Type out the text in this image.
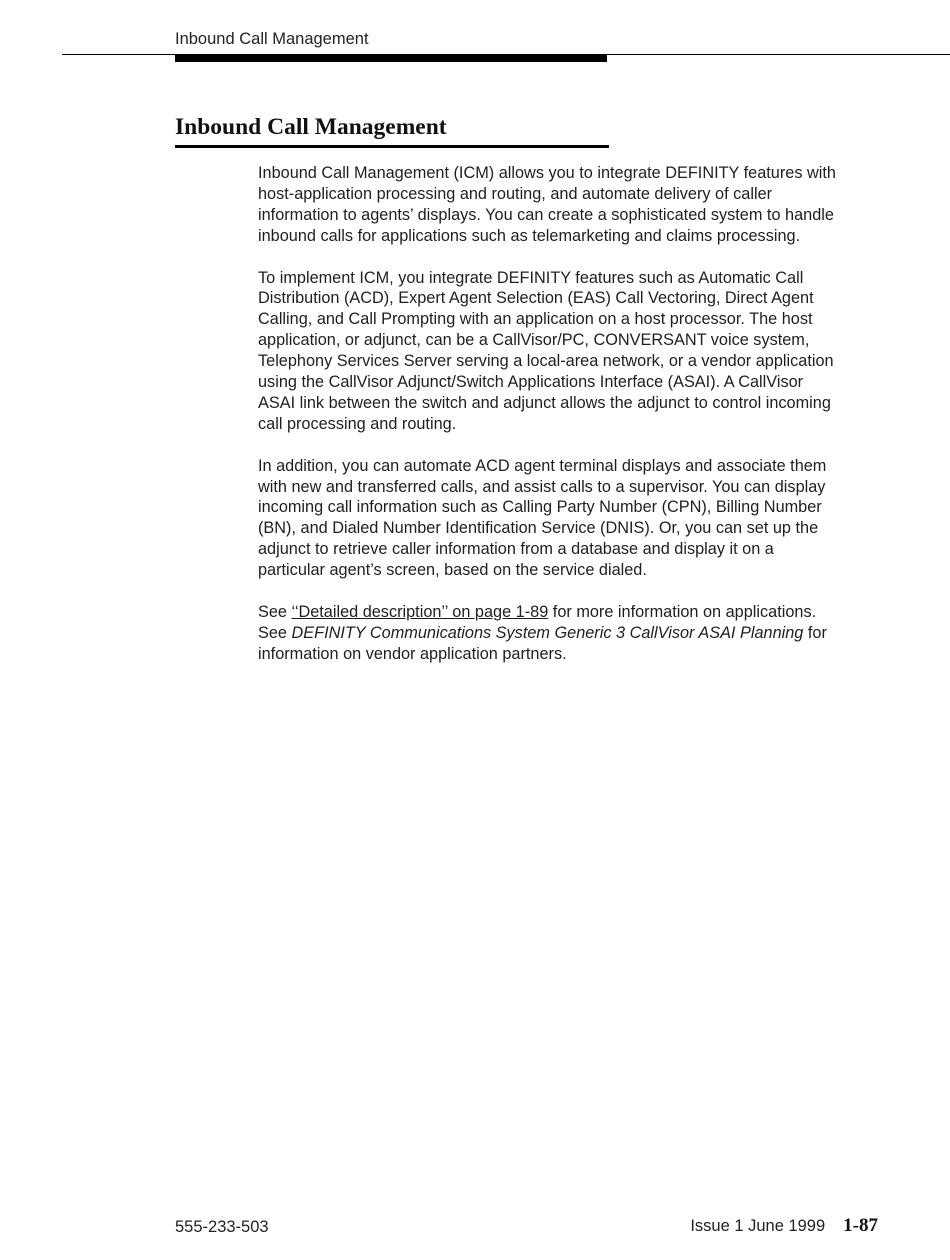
Inbound Call Management
Inbound Call Management

Inbound Call Management (ICM) allows you to integrate DEFINITY features with
host-application processing and routing, and automate delivery of caller
information to agents’ displays. You can create a sophisticated system to handle
inbound calls for applications such as telemarketing and claims processing.

To implement ICM, you integrate DEFINITY features such as Automatic Call
Distribution (ACD), Expert Agent Selection (EAS) Call Vectoring, Direct Agent
Calling, and Call Prompting with an application on a host processor. The host
application, or adjunct, can be a CallVisor/PC, CONVERSANT voice system,
Telephony Services Server serving a local-area network, or a vendor application
using the CallVisor Adjunct/Switch Applications Interface (ASAI). A CallVisor
ASAI link between the switch and adjunct allows the adjunct to control incoming
call processing and routing.

In addition, you can automate ACD agent terminal displays and associate them
with new and transferred calls, and assist calls to a supervisor. You can display
incoming call information such as Calling Party Number (CPN), Billing Number
(BN), and Dialed Number Identification Service (DNIS). Or, you can set up the
adjunct to retrieve caller information from a database and display it on a
particular agent’s screen, based on the service dialed.

See ‘‘Detailed description’’ on page 1-89 for more information on applications.
See DEFINITY Communications System Generic 3 CallVisor ASAI Planning for
information on vendor application partners.

555-233-503	Issue 1 June 1999 1-87
